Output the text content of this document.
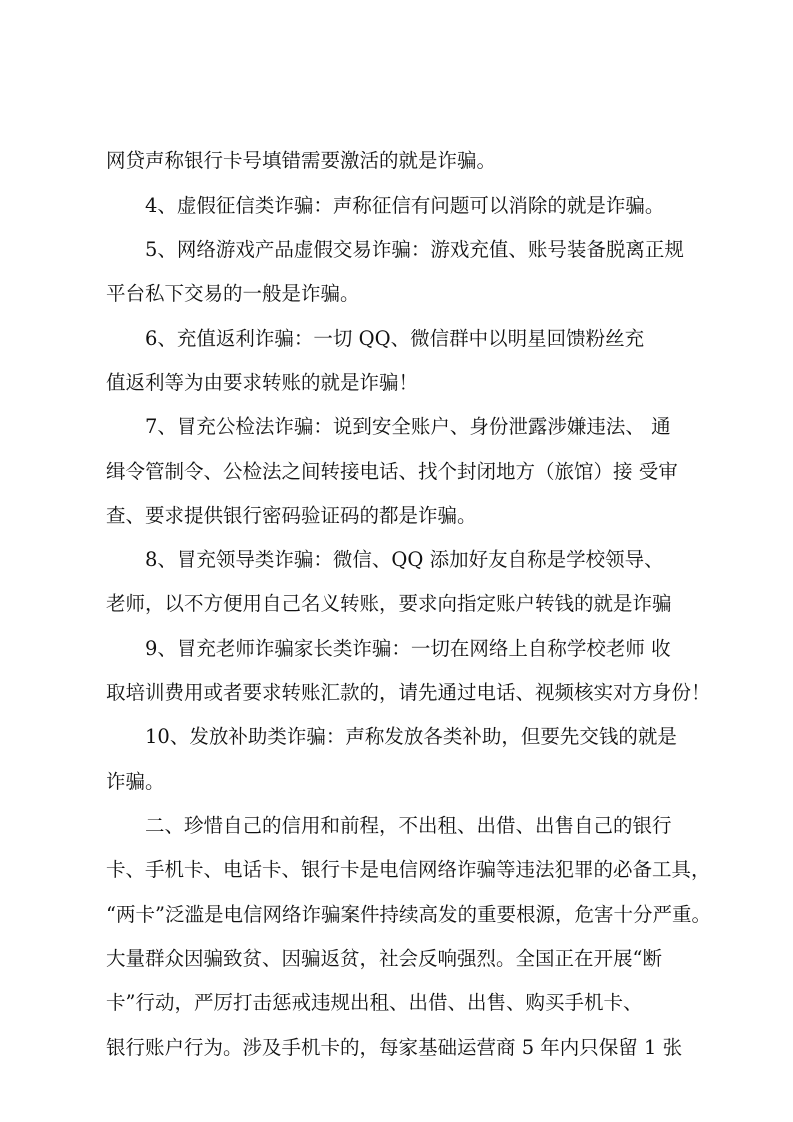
网贷声称银行卡号填错需要激活的就是诈骗。
4、虚假征信类诈骗：声称征信有问题可以消除的就是诈骗。
5、网络游戏产品虚假交易诈骗：游戏充值、账号装备脱离正规
平台私下交易的一般是诈骗。
6、充值返利诈骗：一切 QQ、微信群中以明星回馈粉丝充
值返利等为由要求转账的就是诈骗！
7、冒充公检法诈骗：说到安全账户、身份泄露涉嫌违法、 通
缉令管制令、公检法之间转接电话、找个封闭地方（旅馆）接 受审
查、要求提供银行密码验证码的都是诈骗。
8、冒充领导类诈骗：微信、QQ 添加好友自称是学校领导、
老师，以不方便用自己名义转账，要求向指定账户转钱的就是诈骗
9、冒充老师诈骗家长类诈骗：一切在网络上自称学校老师 收
取培训费用或者要求转账汇款的，请先通过电话、视频核实对方身份！
10、发放补助类诈骗：声称发放各类补助，但要先交钱的就是
诈骗。
二、珍惜自己的信用和前程，不出租、出借、出售自己的银行
卡、手机卡、电话卡、银行卡是电信网络诈骗等违法犯罪的必备工具，
“两卡”泛滥是电信网络诈骗案件持续高发的重要根源，危害十分严重。
大量群众因骗致贫、因骗返贫，社会反响强烈。全国正在开展“断
卡”行动，严厉打击惩戒违规出租、出借、出售、购买手机卡、
银行账户行为。涉及手机卡的，每家基础运营商 5 年内只保留 1 张
